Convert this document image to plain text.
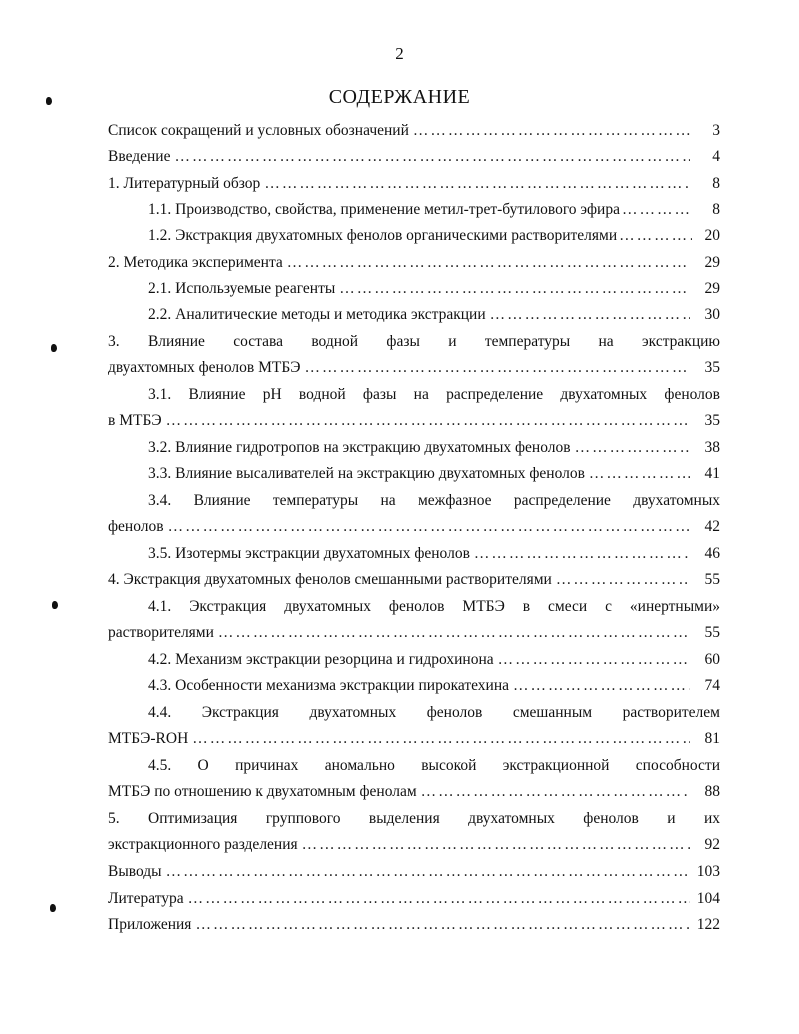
2
СОДЕРЖАНИЕ
Список сокращений и условных обозначений ……………………………………………………………………………………………………………………………………………………	3
Введение ……………………………………………………………………………………………………………………………………………………	4
1. Литературный обзор ……………………………………………………………………………………………………………………………………………………	8
1.1. Производство, свойства, применение метил-трет-бутилового эфира ……………………………………………………………………………………………………………………………………………………	8
1.2. Экстракция двухатомных фенолов органическими растворителями ……………………………………………………………………………………………………………………………………………………	20
2. Методика эксперимента ……………………………………………………………………………………………………………………………………………………	29
2.1. Используемые реагенты ……………………………………………………………………………………………………………………………………………………	29
2.2. Аналитические методы и методика экстракции ……………………………………………………………………………………………………………………………………………………	30
3. Влияние состава водной фазы и температуры на экстракцию
двуахтомных фенолов МТБЭ ……………………………………………………………………………………………………………………………………………………	35
3.1. Влияние pH водной фазы на распределение двухатомных фенолов
в МТБЭ ……………………………………………………………………………………………………………………………………………………	35
3.2. Влияние гидротропов на экстракцию двухатомных фенолов ……………………………………………………………………………………………………………………………………………………	38
3.3. Влияние высаливателей на экстракцию двухатомных фенолов ……………………………………………………………………………………………………………………………………………………	41
3.4. Влияние температуры на межфазное распределение двухатомных
фенолов ……………………………………………………………………………………………………………………………………………………	42
3.5. Изотермы экстракции двухатомных фенолов ……………………………………………………………………………………………………………………………………………………	46
4. Экстракция двухатомных фенолов смешанными растворителями ……………………………………………………………………………………………………………………………………………………	55
4.1. Экстракция двухатомных фенолов МТБЭ в смеси с «инертными»
растворителями ……………………………………………………………………………………………………………………………………………………	55
4.2. Механизм экстракции резорцина и гидрохинона ……………………………………………………………………………………………………………………………………………………	60
4.3. Особенности механизма экстракции пирокатехина ……………………………………………………………………………………………………………………………………………………	74
4.4. Экстракция двухатомных фенолов смешанным растворителем
МТБЭ-ROH ……………………………………………………………………………………………………………………………………………………	81
4.5. О причинах аномально высокой экстракционной способности
МТБЭ по отношению к двухатомным фенолам ……………………………………………………………………………………………………………………………………………………	88
5. Оптимизация группового выделения двухатомных фенолов и их
экстракционного разделения ……………………………………………………………………………………………………………………………………………………	92
Выводы ……………………………………………………………………………………………………………………………………………………	103
Литература ……………………………………………………………………………………………………………………………………………………	104
Приложения ……………………………………………………………………………………………………………………………………………………	122
